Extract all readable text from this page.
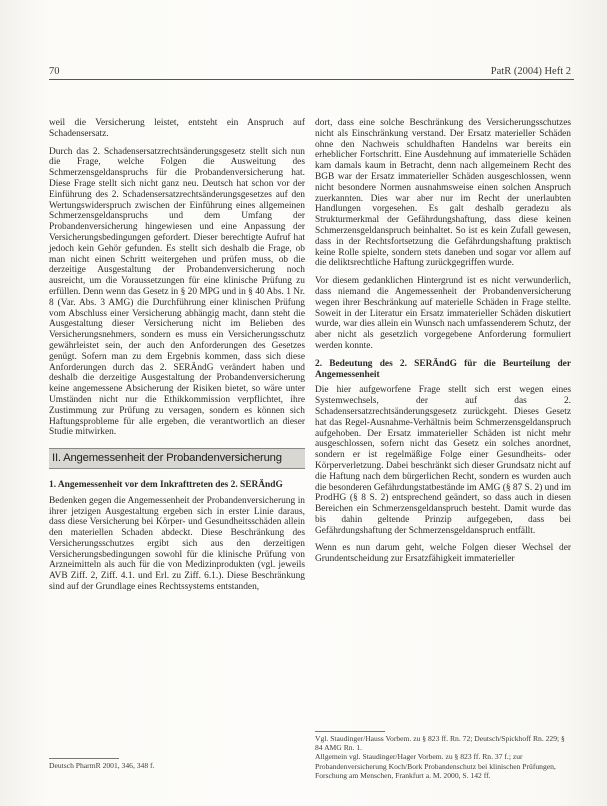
70	PatR (2004) Heft 2

weil die Versicherung leistet, entsteht ein Anspruch auf Schadensersatz.

Durch das 2. Schadensersatzrechtsänderungsgesetz stellt sich nun die Frage, welche Folgen die Ausweitung des Schmerzensgeldanspruchs für die Probandenversicherung hat. Diese Frage stellt sich nicht ganz neu. Deutsch hat schon vor der Einführung des 2. Schadensersatzrechtsänderungsgesetzes auf den Wertungswiderspruch zwischen der Einführung eines allgemeinen Schmerzensgeldanspruchs und dem Umfang der Probandenversicherung hingewiesen und eine Anpassung der Versicherungsbedingungen gefordert. Dieser berechtigte Aufruf hat jedoch kein Gehör gefunden. Es stellt sich deshalb die Frage, ob man nicht einen Schritt weitergehen und prüfen muss, ob die derzeitige Ausgestaltung der Probandenversicherung noch ausreicht, um die Voraussetzungen für eine klinische Prüfung zu erfüllen. Denn wenn das Gesetz in § 20 MPG und in § 40 Abs. 1 Nr. 8 (Var. Abs. 3 AMG) die Durchführung einer klinischen Prüfung vom Abschluss einer Versicherung abhängig macht, dann steht die Ausgestaltung dieser Versicherung nicht im Belieben des Versicherungsnehmers, sondern es muss ein Versicherungsschutz gewährleistet sein, der auch den Anforderungen des Gesetzes genügt. Sofern man zu dem Ergebnis kommen, dass sich diese Anforderungen durch das 2. SERÄndG verändert haben und deshalb die derzeitige Ausgestaltung der Probandenversicherung keine angemessene Absicherung der Risiken bietet, so wäre unter Umständen nicht nur die Ethikkommission verpflichtet, ihre Zustimmung zur Prüfung zu versagen, sondern es können sich Haftungsprobleme für alle ergeben, die verantwortlich an dieser Studie mitwirken.

II. Angemessenheit der Probandenversicherung
1. Angemessenheit vor dem Inkrafttreten des 2. SERÄndG

Bedenken gegen die Angemessenheit der Probandenversicherung in ihrer jetzigen Ausgestaltung ergeben sich in erster Linie daraus, dass diese Versicherung bei Körper- und Gesundheitsschäden allein den materiellen Schaden abdeckt. Diese Beschränkung des Versicherungsschutzes ergibt sich aus den derzeitigen Versicherungsbedingungen sowohl für die klinische Prüfung von Arzneimitteln als auch für die von Medizinprodukten (vgl. jeweils AVB Ziff. 2, Ziff. 4.1. und Erl. zu Ziff. 6.1.). Diese Beschränkung sind auf der Grundlage eines Rechtssystems entstanden,

dort, dass eine solche Beschränkung des Versicherungsschutzes nicht als Einschränkung verstand. Der Ersatz materieller Schäden ohne den Nachweis schuldhaften Handelns war bereits ein erheblicher Fortschritt. Eine Ausdehnung auf immaterielle Schäden kam damals kaum in Betracht, denn nach allgemeinem Recht des BGB war der Ersatz immaterieller Schäden ausgeschlossen, wenn nicht besondere Normen ausnahmsweise einen solchen Anspruch zuerkannten. Dies war aber nur im Recht der unerlaubten Handlungen vorgesehen. Es galt deshalb geradezu als Strukturmerkmal der Gefährdungshaftung, dass diese keinen Schmerzensgeldanspruch beinhaltet. So ist es kein Zufall gewesen, dass in der Rechtsfortsetzung die Gefährdungshaftung praktisch keine Rolle spielte, sondern stets daneben und sogar vor allem auf die deliktsrechtliche Haftung zurückgegriffen wurde.

Vor diesem gedanklichen Hintergrund ist es nicht verwunderlich, dass niemand die Angemessenheit der Probandenversicherung wegen ihrer Beschränkung auf materielle Schäden in Frage stellte. Soweit in der Literatur ein Ersatz immaterieller Schäden diskutiert wurde, war dies allein ein Wunsch nach umfassenderem Schutz, der aber nicht als gesetzlich vorgegebene Anforderung formuliert werden konnte.

2. Bedeutung des 2. SERÄndG für die Beurteilung der Angemessenheit

Die hier aufgeworfene Frage stellt sich erst wegen eines Systemwechsels, der auf das 2. Schadensersatzrechtsänderungsgesetz zurückgeht. Dieses Gesetz hat das Regel-Ausnahme-Verhältnis beim Schmerzensgeldanspruch aufgehoben. Der Ersatz immaterieller Schäden ist nicht mehr ausgeschlossen, sofern nicht das Gesetz ein solches anordnet, sondern er ist regelmäßige Folge einer Gesundheits- oder Körperverletzung. Dabei beschränkt sich dieser Grundsatz nicht auf die Haftung nach dem bürgerlichen Recht, sondern es wurden auch die besonderen Gefährdungstatbestände im AMG (§ 87 S. 2) und im ProdHG (§ 8 S. 2) entsprechend geändert, so dass auch in diesen Bereichen ein Schmerzensgeldanspruch besteht. Damit wurde das bis dahin geltende Prinzip aufgegeben, dass bei Gefährdungshaftung der Schmerzensgeldanspruch entfällt.

Wenn es nun darum geht, welche Folgen dieser Wechsel der Grundentscheidung zur Ersatzfähigkeit immaterieller

Deutsch PharmR 2001, 346, 348 f.
Vgl. Staudinger/Hauss Vorbem. zu § 823 ff. Rn. 72; Deutsch/Spickhoff Rn. 229; § 84 AMG Rn. 1.
Allgemein vgl. Staudinger/Hager Vorbem. zu § 823 ff. Rn. 37 f.; zur Probandenversicherung Koch/Bork Probandenschutz bei klinischen Prüfungen, Forschung am Menschen, Frankfurt a. M. 2000, S. 142 ff.
